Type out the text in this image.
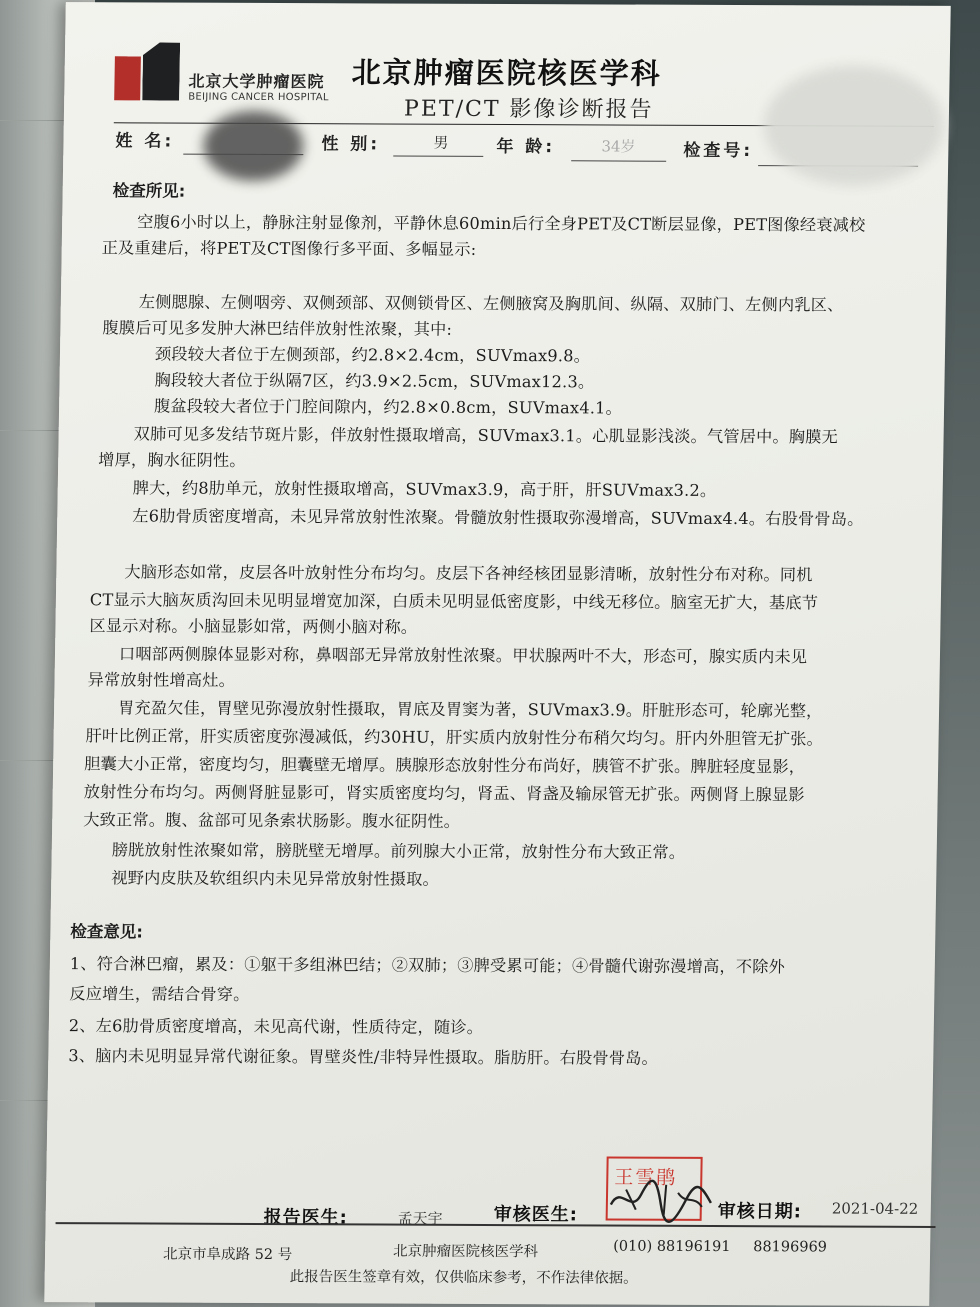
北京大学肿瘤医院
BEIJING CANCER HOSPITAL
北京肿瘤医院核医学科
PET/CT 影像诊断报告
姓 名:	性 别:	男	年 龄:	34岁	检查号:
检查所见:
空腹6小时以上，静脉注射显像剂，平静休息60min后行全身PET及CT断层显像，PET图像经衰减校
正及重建后，将PET及CT图像行多平面、多幅显示:
左侧腮腺、左侧咽旁、双侧颈部、双侧锁骨区、左侧腋窝及胸肌间、纵隔、双肺门、左侧内乳区、
腹膜后可见多发肿大淋巴结伴放射性浓聚，其中:
颈段较大者位于左侧颈部，约2.8×2.4cm，SUVmax9.8。
胸段较大者位于纵隔7区，约3.9×2.5cm，SUVmax12.3。
腹盆段较大者位于门腔间隙内，约2.8×0.8cm，SUVmax4.1。
双肺可见多发结节斑片影，伴放射性摄取增高，SUVmax3.1。心肌显影浅淡。气管居中。胸膜无
增厚，胸水征阴性。
脾大，约8肋单元，放射性摄取增高，SUVmax3.9，高于肝，肝SUVmax3.2。
左6肋骨质密度增高，未见异常放射性浓聚。骨髓放射性摄取弥漫增高，SUVmax4.4。右股骨骨岛。
大脑形态如常，皮层各叶放射性分布均匀。皮层下各神经核团显影清晰，放射性分布对称。同机
CT显示大脑灰质沟回未见明显增宽加深，白质未见明显低密度影，中线无移位。脑室无扩大，基底节
区显示对称。小脑显影如常，两侧小脑对称。
口咽部两侧腺体显影对称，鼻咽部无异常放射性浓聚。甲状腺两叶不大，形态可，腺实质内未见
异常放射性增高灶。
胃充盈欠佳，胃壁见弥漫放射性摄取，胃底及胃窦为著，SUVmax3.9。肝脏形态可，轮廓光整，
肝叶比例正常，肝实质密度弥漫减低，约30HU，肝实质内放射性分布稍欠均匀。肝内外胆管无扩张。
胆囊大小正常，密度均匀，胆囊壁无增厚。胰腺形态放射性分布尚好，胰管不扩张。脾脏轻度显影，
放射性分布均匀。两侧肾脏显影可，肾实质密度均匀，肾盂、肾盏及输尿管无扩张。两侧肾上腺显影
大致正常。腹、盆部可见条索状肠影。腹水征阴性。
膀胱放射性浓聚如常，膀胱壁无增厚。前列腺大小正常，放射性分布大致正常。
视野内皮肤及软组织内未见异常放射性摄取。
检查意见:
1、符合淋巴瘤，累及：①躯干多组淋巴结；②双肺；③脾受累可能；④骨髓代谢弥漫增高，不除外
反应增生，需结合骨穿。
2、左6肋骨质密度增高，未见高代谢，性质待定，随诊。
3、脑内未见明显异常代谢征象。胃壁炎性/非特异性摄取。脂肪肝。右股骨骨岛。
报告医生:	孟天宇	审核医生:
王雪鹃
审核日期: 2021-04-22
北京市阜成路 52 号	北京肿瘤医院核医学科	(010) 88196191 88196969
此报告医生签章有效，仅供临床参考，不作法律依据。
